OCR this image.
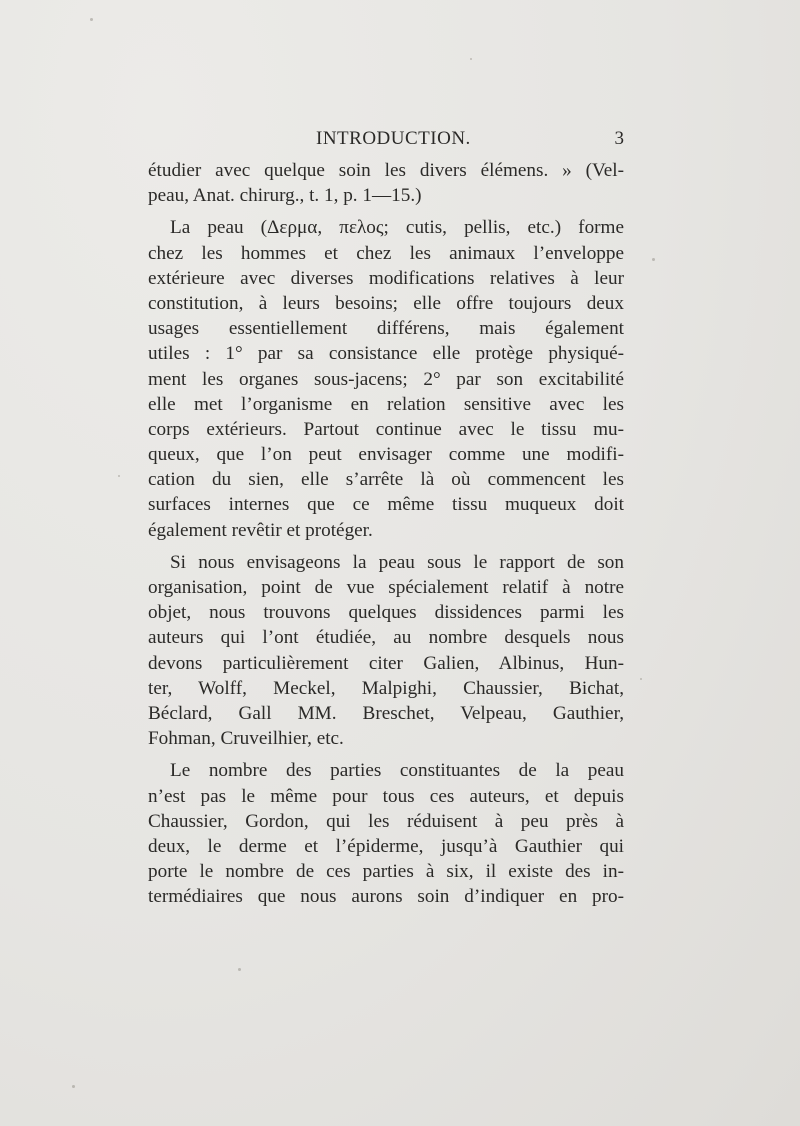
INTRODUCTION.	3
étudier avec quelque soin les divers élémens. » (Vel-
peau, Anat. chirurg., t. 1, p. 1—15.)
La peau (Δερμα, πελος; cutis, pellis, etc.) forme
chez les hommes et chez les animaux l’enveloppe
extérieure avec diverses modifications relatives à leur
constitution, à leurs besoins; elle offre toujours deux
usages essentiellement différens, mais également
utiles : 1° par sa consistance elle protège physiqué-
ment les organes sous-jacens; 2° par son excitabilité
elle met l’organisme en relation sensitive avec les
corps extérieurs. Partout continue avec le tissu mu-
queux, que l’on peut envisager comme une modifi-
cation du sien, elle s’arrête là où commencent les
surfaces internes que ce même tissu muqueux doit
également revêtir et protéger.
Si nous envisageons la peau sous le rapport de son
organisation, point de vue spécialement relatif à notre
objet, nous trouvons quelques dissidences parmi les
auteurs qui l’ont étudiée, au nombre desquels nous
devons particulièrement citer Galien, Albinus, Hun-
ter, Wolff, Meckel, Malpighi, Chaussier, Bichat,
Béclard, Gall MM. Breschet, Velpeau, Gauthier,
Fohman, Cruveilhier, etc.
Le nombre des parties constituantes de la peau
n’est pas le même pour tous ces auteurs, et depuis
Chaussier, Gordon, qui les réduisent à peu près à
deux, le derme et l’épiderme, jusqu’à Gauthier qui
porte le nombre de ces parties à six, il existe des in-
termédiaires que nous aurons soin d’indiquer en pro-
